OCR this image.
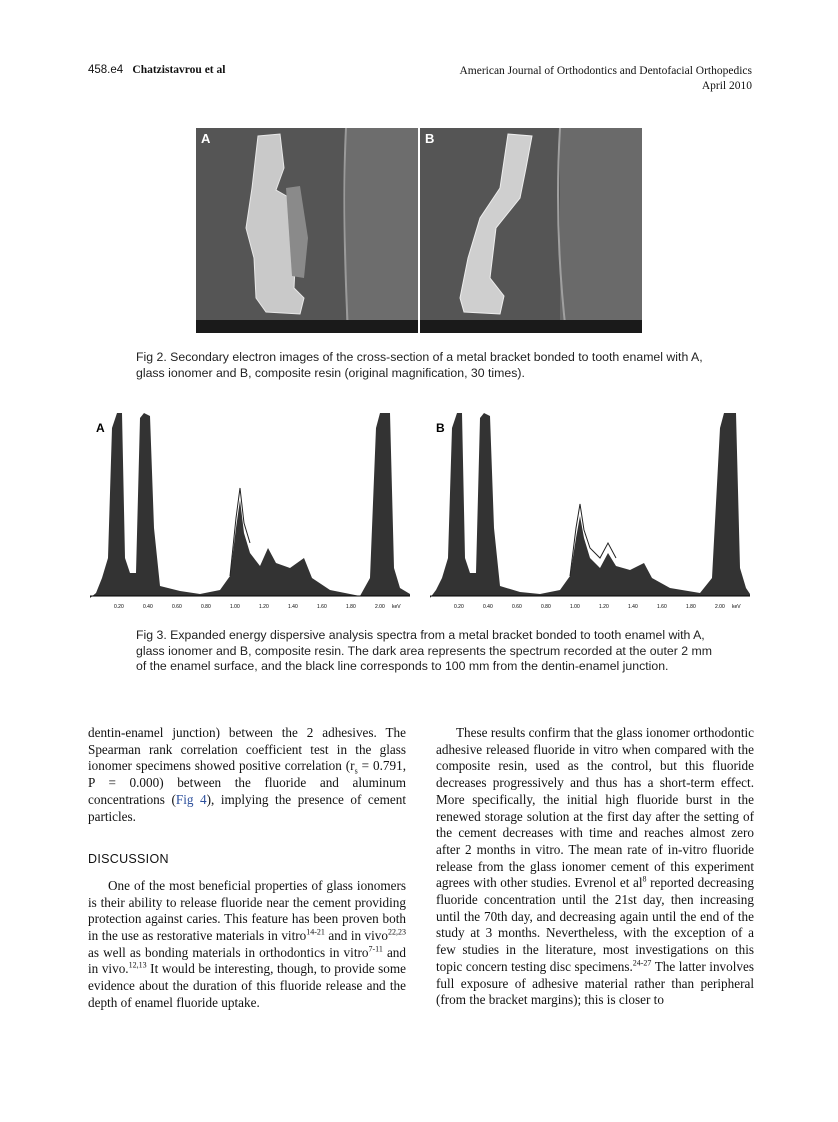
458.e4 Chatzistavrou et al	American Journal of Orthodontics and Dentofacial Orthopedics
April 2010
A	B
Fig 2. Secondary electron images of the cross-section of a metal bracket bonded to tooth enamel with A, glass ionomer and B, composite resin (original magnification, 30 times).
A
0.20	0.40	0.60	0.80	1.00	1.20	1.40	1.60	1.80	2.00 keV
B
0.20	0.40	0.60	0.80	1.00	1.20	1.40	1.60	1.80	2.00 keV
Fig 3. Expanded energy dispersive analysis spectra from a metal bracket bonded to tooth enamel with A, glass ionomer and B, composite resin. The dark area represents the spectrum recorded at the outer 2 mm of the enamel surface, and the black line corresponds to 100 mm from the dentin-enamel junction.

dentin-enamel junction) between the 2 adhesives. The Spearman rank correlation coefficient test in the glass ionomer specimens showed positive correlation ($r_s = 0.791$, P = 0.000) between the fluoride and aluminum concentrations (Fig 4), implying the presence of cement particles.

DISCUSSION

One of the most beneficial properties of glass ionomers is their ability to release fluoride near the cement providing protection against caries. This feature has been proven both in the use as restorative materials in vitro$^{14-21}$ and in vivo$^{22,23}$ as well as bonding materials in orthodontics in vitro$^{7-11}$ and in vivo.$^{12,13}$ It would be interesting, though, to provide some evidence about the duration of this fluoride release and the depth of enamel fluoride uptake.

These results confirm that the glass ionomer orthodontic adhesive released fluoride in vitro when compared with the composite resin, used as the control, but this fluoride decreases progressively and thus has a short-term effect. More specifically, the initial high fluoride burst in the renewed storage solution at the first day after the setting of the cement decreases with time and reaches almost zero after 2 months in vitro. The mean rate of in-vitro fluoride release from the glass ionomer cement of this experiment agrees with other studies. Evrenol et $al^8$ reported decreasing fluoride concentration until the 21st day, then increasing until the 70th day, and decreasing again until the end of the study at 3 months. Nevertheless, with the exception of a few studies in the literature, most investigations on this topic concern testing disc specimens.$^{24-27}$ The latter involves full exposure of adhesive material rather than peripheral (from the bracket margins); this is closer to
